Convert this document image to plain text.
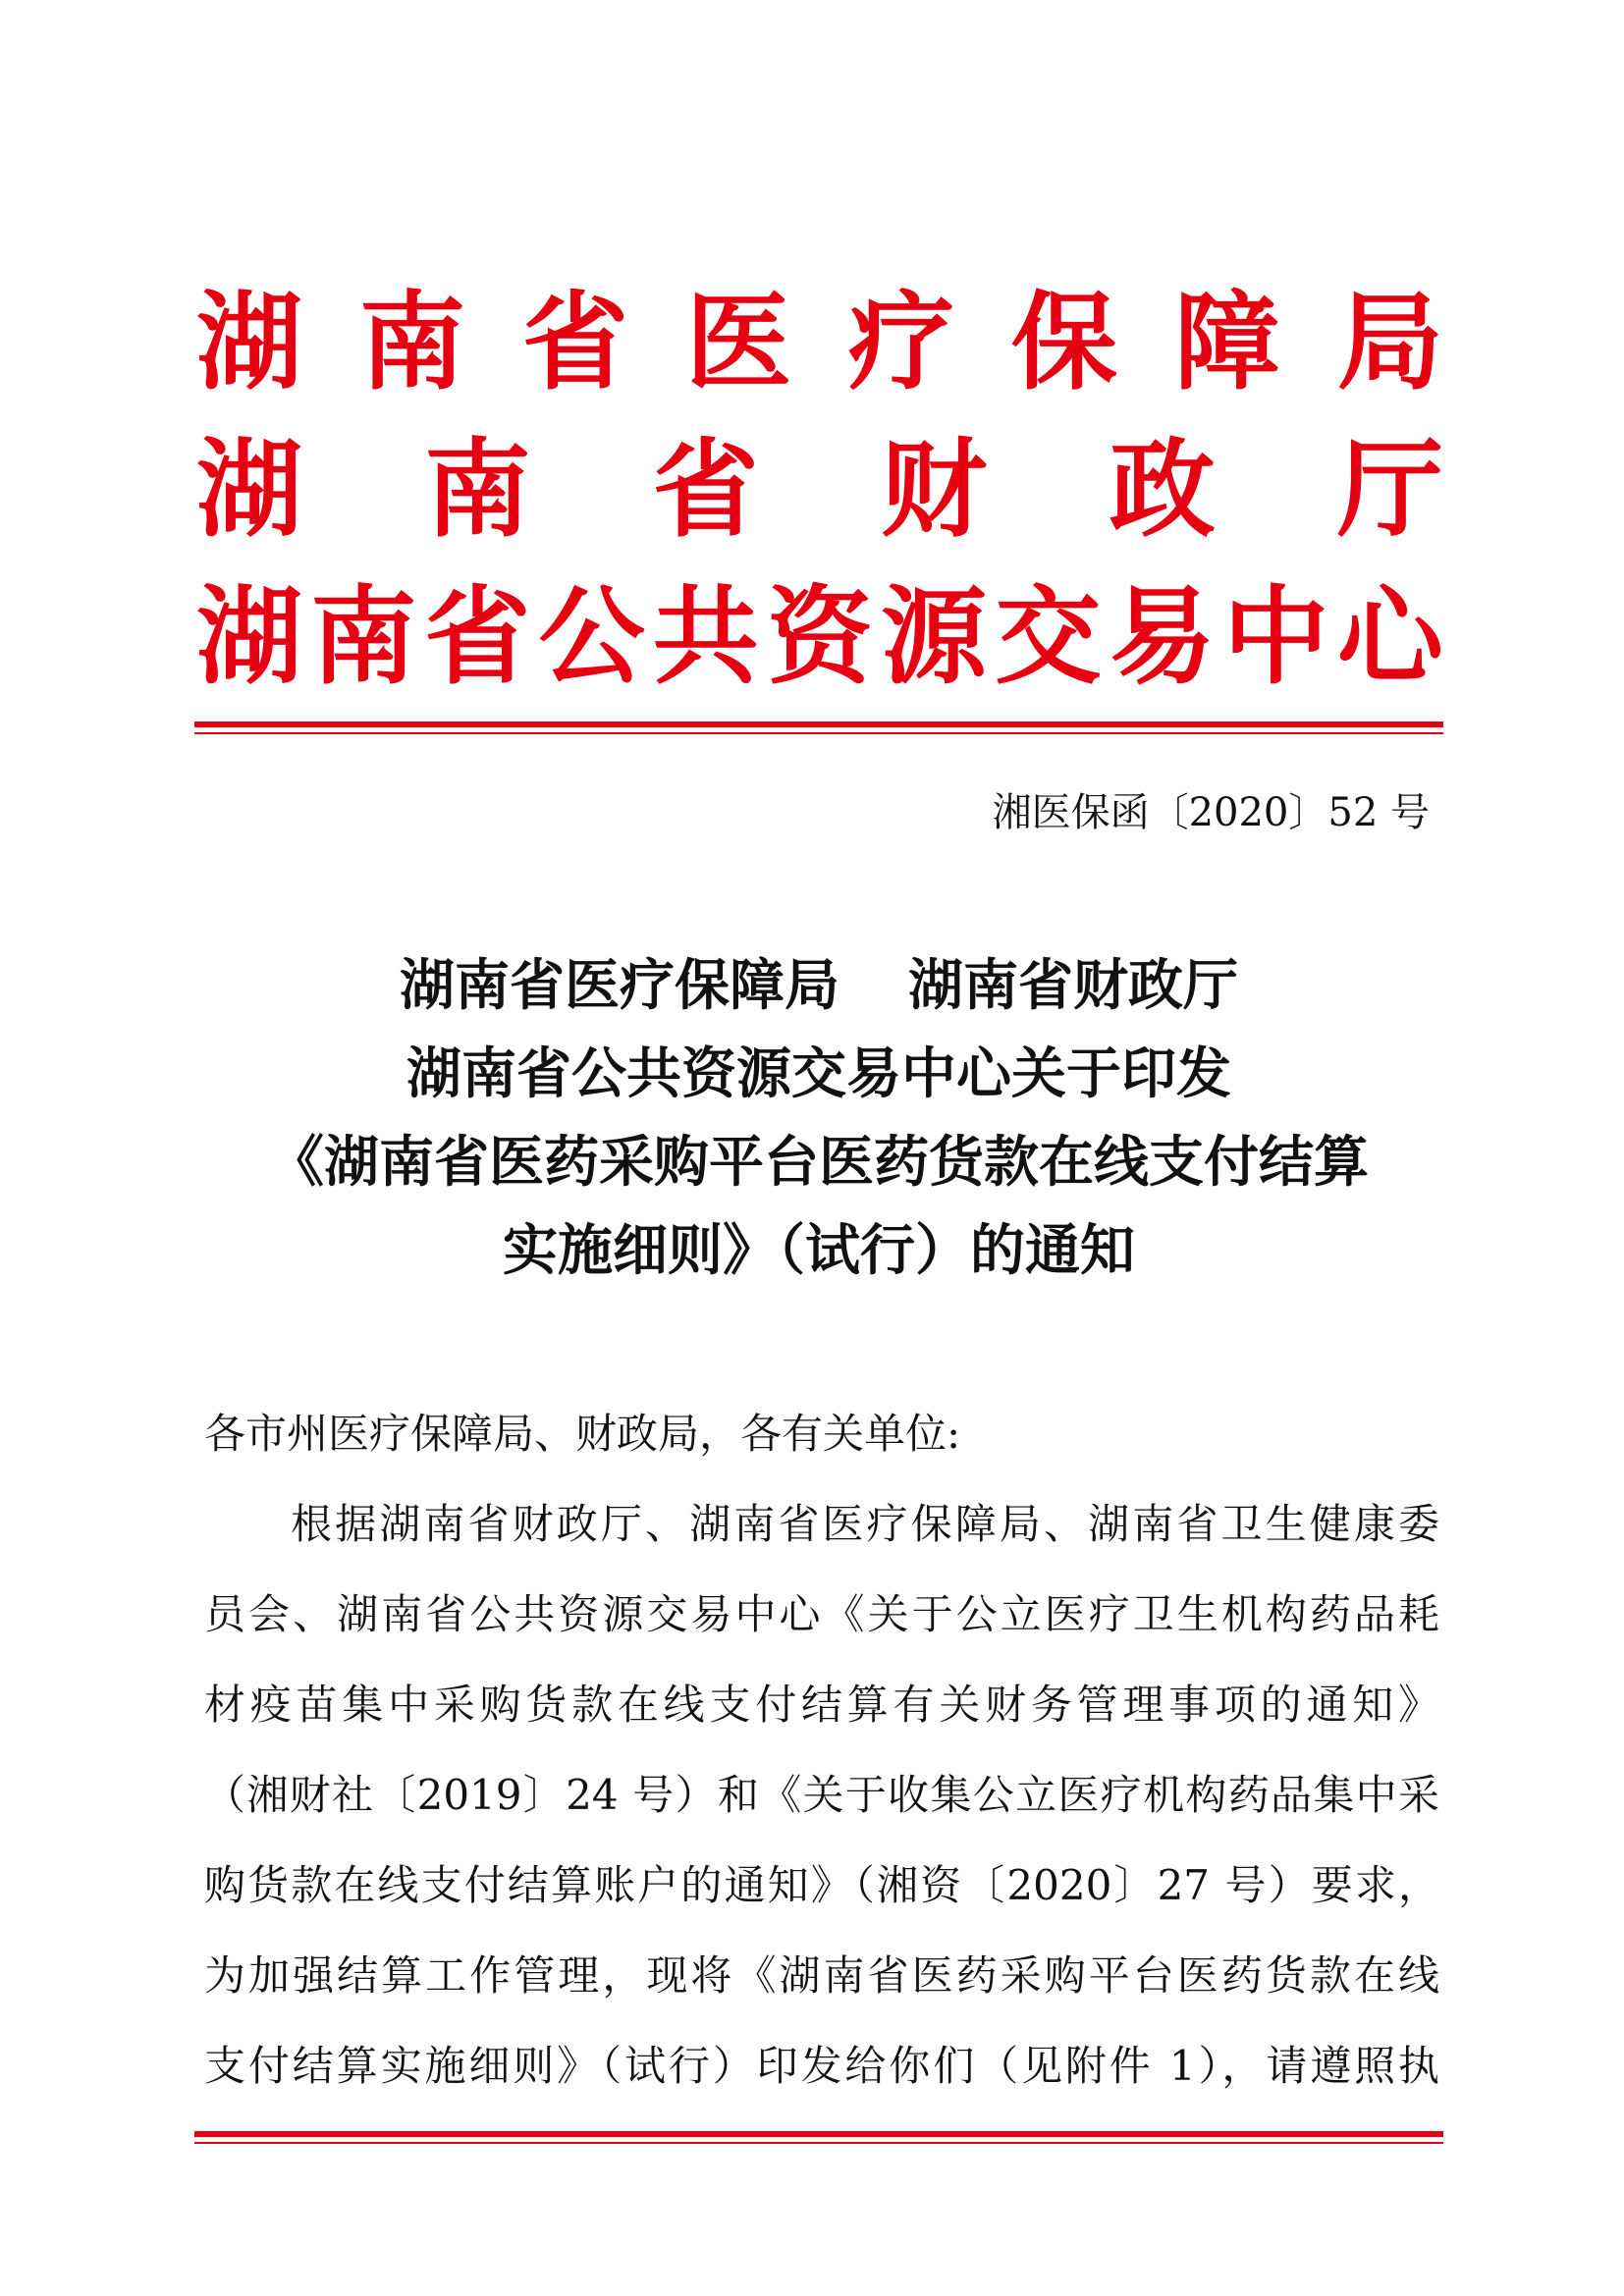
湖 南 省 医 疗 保 障 局
湖 南 省 财 政 厅
湖 南 省 公 共 资 源 交 易 中 心
湘医保函〔2020〕52 号
湖南省医疗保障局 湖南省财政厅
湖南省公共资源交易中心关于印发
《湖南省医药采购平台医药货款在线支付结算
实施细则》（试行）的通知
各市州医疗保障局、财政局，各有关单位:
根据湖南省财政厅、湖南省医疗保障局、湖南省卫生健康委
员会、湖南省公共资源交易中心《关于公立医疗卫生机构药品耗
材疫苗集中采购货款在线支付结算有关财务管理事项的通知》
（湘财社〔2019〕24 号）和《关于收集公立医疗机构药品集中采
购货款在线支付结算账户的通知》（湘资〔2020〕27 号）要求，
为加强结算工作管理，现将《湖南省医药采购平台医药货款在线
支付结算实施细则》（试行）印发给你们（见附件 1），请遵照执
